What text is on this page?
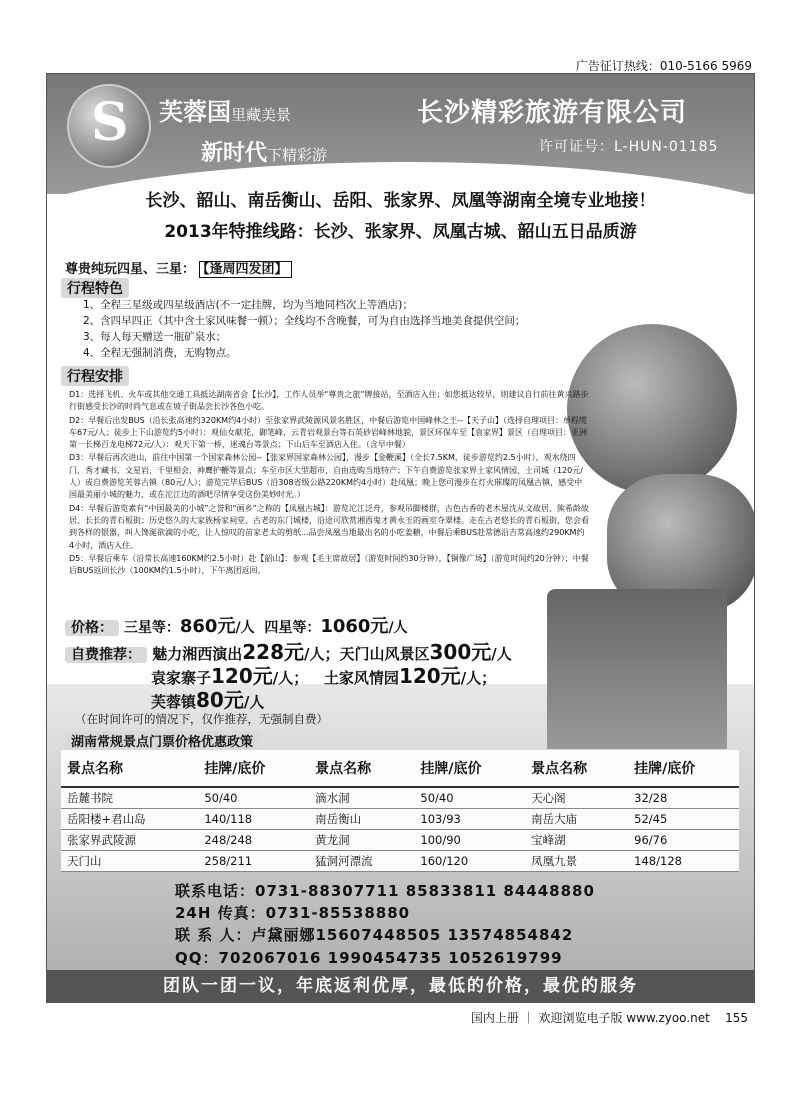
广告征订热线：010-5166 5969
S 芙蓉国里藏美景
新时代下精彩游
长沙精彩旅游有限公司
许可证号：L-HUN-01185
长沙、韶山、南岳衡山、岳阳、张家界、凤凰等湖南全境专业地接！
2013年特推线路：长沙、张家界、凤凰古城、韶山五日品质游
尊贵纯玩四星、三星： 【逢周四发团】
行程特色
1、全程三星级或四星级酒店(不一定挂牌，均为当地同档次上等酒店)；
2、含四早四正（其中含土家风味餐一顿）；全线均不含晚餐，可为自由选择当地美食提供空间；
3、每人每天赠送一瓶矿泉水；
4、全程无强制消费，无购物点。
行程安排
D1：选择飞机、火车或其他交通工具抵达湖南省会【长沙】，工作人员举“尊贵之旅”牌接站，至酒店入住；如您抵达较早，则建议自行前往黄兴路步行街感受长沙的时尚气息或在坡子街品尝长沙各色小吃。
D2：早餐后出发BUS（沿长张高速约320KM约4小时）至张家界武陵源风景名胜区，中餐后游览中国峰林之王--【天子山】（选择自理项目：单程缆车67元/人；徒步上下山游览约5小时）：观仙女献花，御笔峰，云青岩观景台等石英砂岩峰林地貌，景区环保车至【袁家界】景区（自理项目：亚洲第一长梯百龙电梯72元/人）：观天下第一桥，迷魂台等景点；下山后车至酒店入住。（含早中餐）
D3：早餐后再次进山，前往中国第一个国家森林公园--【张家界国家森林公园】，漫步【金鞭溪】（全长7.5KM，徒步游览约2.5小时），观水绕四门，秀才藏书，文星岩，千里相会，神鹰护鞭等景点；车至市区大型超市，自由选购当地特产；下午自费游览张家界土家风情园、土司城（120元/人）或自费游览芙蓉古镇（80元/人）；游览完毕后BUS（沿308省级公路220KM约4小时）赴凤凰；晚上您可漫步在灯火璀璨的凤凰古镇，感受中国最美丽小城的魅力，或在沱江边的酒吧尽情享受这份美妙时光。）
D4：早餐后游览素有“中国最美的小城”之誉和“画乡”之称的【凤凰古城】：游览沱江泛舟，参观吊脚楼群，古色古香的老木屋沈从文故居、熊希龄故居、长长的青石板街；历史悠久的大家族杨家祠堂、古老的东门城楼，沿途可欣赏湘西鬼才黄永玉的画室夺翠楼。走在古老悠长的青石板街，您会看到各样的银器，叫人馋涎欲滴的小吃，让人惊叹的苗家老太的剪纸...品尝凤凰当地最出名的小吃姜糖，中餐后乘BUS赴常德沿吉常高速约290KM约4小时，酒店入住。
D5：早餐后乘车（沿常长高速160KM约2.5小时）赴【韶山】：参观【毛主席故居】（游览时间约30分钟），【铜像广场】（游览时间约20分钟）；中餐后BUS返回长沙（100KM约1.5小时），下午离团返回。
价格： 三星等：860元/人 四星等：1060元/人
自费推荐： 魅力湘西演出228元/人；天门山风景区300元/人
袁家寨子120元/人； 土家风情园120元/人；
芙蓉镇80元/人
（在时间许可的情况下，仅作推荐，无强制自费）
湖南常规景点门票价格优惠政策
景点名称	挂牌/底价	景点名称	挂牌/底价	景点名称	挂牌/底价
岳麓书院	50/40	滴水洞	50/40	天心阁	32/28
岳阳楼+君山岛	140/118	南岳衡山	103/93	南岳大庙	52/45
张家界武陵源	248/248	黄龙洞	100/90	宝峰湖	96/76
天门山	258/211	猛洞河漂流	160/120	凤凰九景	148/128
联系电话：0731-88307711 85833811 84448880
24H 传真：0731-85538880
联 系 人：卢黛丽娜15607448505 13574854842
QQ：702067016 1990454735 1052619799
团队一团一议，年底返利优厚，最低的价格，最优的服务
国内上册 ｜ 欢迎浏览电子版 www.zyoo.net 155
